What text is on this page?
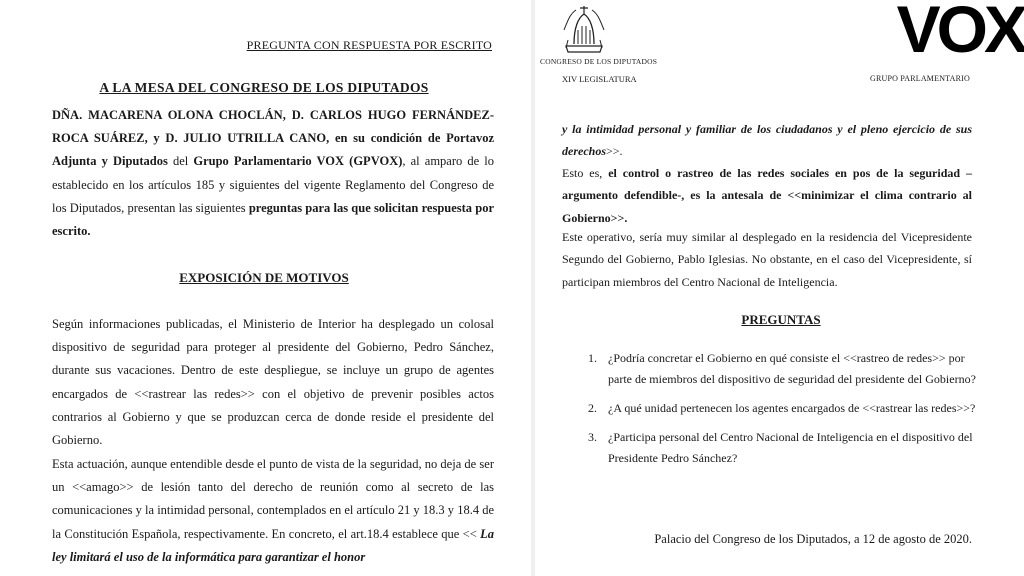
PREGUNTA CON RESPUESTA POR ESCRITO
A LA MESA DEL CONGRESO DE LOS DIPUTADOS

DÑA. MACARENA OLONA CHOCLÁN, D. CARLOS HUGO FERNÁNDEZ-ROCA SUÁREZ, y D. JULIO UTRILLA CANO, en su condición de Portavoz Adjunta y Diputados del Grupo Parlamentario VOX (GPVOX), al amparo de lo establecido en los artículos 185 y siguientes del vigente Reglamento del Congreso de los Diputados, presentan las siguientes preguntas para las que solicitan respuesta por escrito.

EXPOSICIÓN DE MOTIVOS

Según informaciones publicadas, el Ministerio de Interior ha desplegado un colosal dispositivo de seguridad para proteger al presidente del Gobierno, Pedro Sánchez, durante sus vacaciones. Dentro de este despliegue, se incluye un grupo de agentes encargados de <<rastrear las redes>> con el objetivo de prevenir posibles actos contrarios al Gobierno y que se produzcan cerca de donde reside el presidente del Gobierno.

Esta actuación, aunque entendible desde el punto de vista de la seguridad, no deja de ser un <<amago>> de lesión tanto del derecho de reunión como al secreto de las comunicaciones y la intimidad personal, contemplados en el artículo 21 y 18.3 y 18.4 de la Constitución Española, respectivamente. En concreto, el art.18.4 establece que << La ley limitará el uso de la informática para garantizar el honor

CONGRESO DE LOS DIPUTADOS	VOX
XIV LEGISLATURA	GRUPO PARLAMENTARIO

y la intimidad personal y familiar de los ciudadanos y el pleno ejercicio de sus derechos>>.

Esto es, el control o rastreo de las redes sociales en pos de la seguridad – argumento defendible-, es la antesala de <<minimizar el clima contrario al Gobierno>>.

Este operativo, sería muy similar al desplegado en la residencia del Vicepresidente Segundo del Gobierno, Pablo Iglesias. No obstante, en el caso del Vicepresidente, sí participan miembros del Centro Nacional de Inteligencia.

PREGUNTAS
1. ¿Podría concretar el Gobierno en qué consiste el <<rastreo de redes>> por parte de miembros del dispositivo de seguridad del presidente del Gobierno?
2. ¿A qué unidad pertenecen los agentes encargados de <<rastrear las redes>>?
3. ¿Participa personal del Centro Nacional de Inteligencia en el dispositivo del Presidente Pedro Sánchez?
Palacio del Congreso de los Diputados, a 12 de agosto de 2020.
